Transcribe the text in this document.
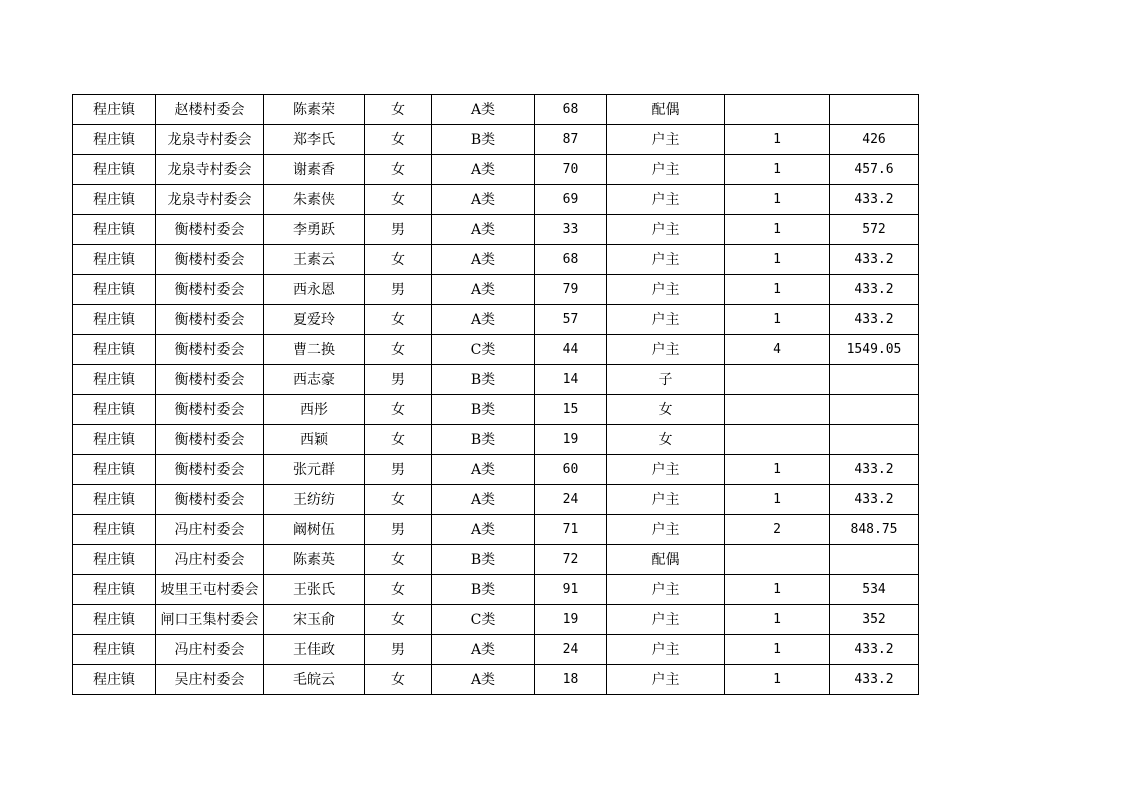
程庄镇	赵楼村委会	陈素荣	女	A类	68	配偶		
程庄镇	龙泉寺村委会	郑李氏	女	B类	87	户主	1	426
程庄镇	龙泉寺村委会	谢素香	女	A类	70	户主	1	457.6
程庄镇	龙泉寺村委会	朱素侠	女	A类	69	户主	1	433.2
程庄镇	衡楼村委会	李勇跃	男	A类	33	户主	1	572
程庄镇	衡楼村委会	王素云	女	A类	68	户主	1	433.2
程庄镇	衡楼村委会	西永恩	男	A类	79	户主	1	433.2
程庄镇	衡楼村委会	夏爱玲	女	A类	57	户主	1	433.2
程庄镇	衡楼村委会	曹二换	女	C类	44	户主	4	1549.05
程庄镇	衡楼村委会	西志豪	男	B类	14	子		
程庄镇	衡楼村委会	西彤	女	B类	15	女		
程庄镇	衡楼村委会	西颖	女	B类	19	女		
程庄镇	衡楼村委会	张元群	男	A类	60	户主	1	433.2
程庄镇	衡楼村委会	王纺纺	女	A类	24	户主	1	433.2
程庄镇	冯庄村委会	阚树伍	男	A类	71	户主	2	848.75
程庄镇	冯庄村委会	陈素英	女	B类	72	配偶		
程庄镇	坡里王屯村委会	王张氏	女	B类	91	户主	1	534
程庄镇	闸口王集村委会	宋玉俞	女	C类	19	户主	1	352
程庄镇	冯庄村委会	王佳政	男	A类	24	户主	1	433.2
程庄镇	吴庄村委会	毛皖云	女	A类	18	户主	1	433.2
